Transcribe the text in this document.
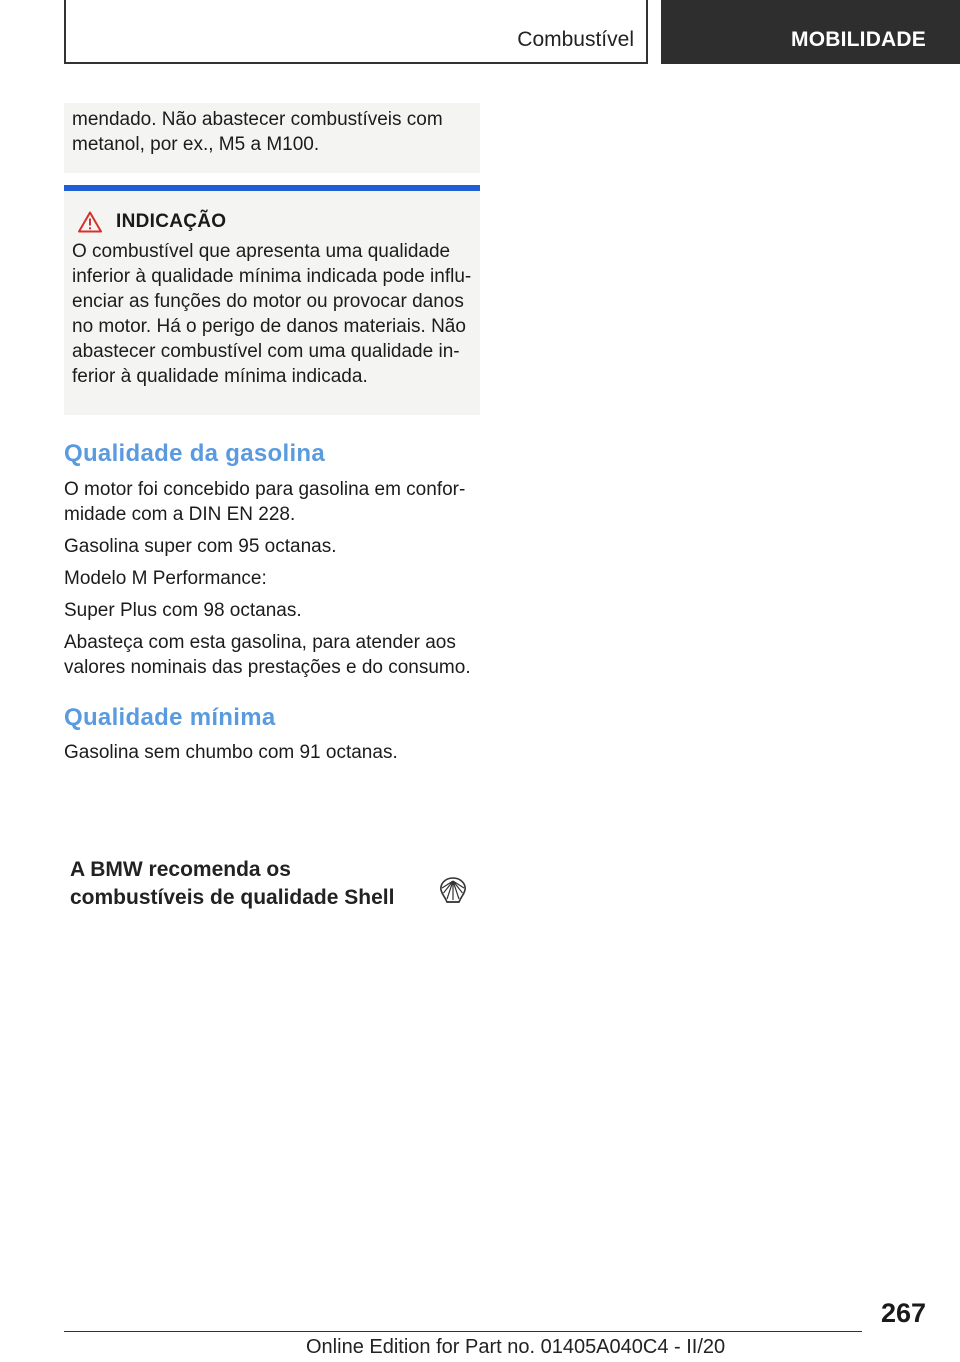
Combustível	MOBILIDADE

mendado. Não abastecer combustíveis com

metanol, por ex., M5 a M100.

INDICAÇÃO

O combustível que apresenta uma qualidade

inferior à qualidade mínima indicada pode influ-

enciar as funções do motor ou provocar danos

no motor. Há o perigo de danos materiais. Não

abastecer combustível com uma qualidade in-

ferior à qualidade mínima indicada.

Qualidade da gasolina

O motor foi concebido para gasolina em confor-

midade com a DIN EN 228.

Gasolina super com 95 octanas.

Modelo M Performance:

Super Plus com 98 octanas.

Abasteça com esta gasolina, para atender aos

valores nominais das prestações e do consumo.

Qualidade mínima

Gasolina sem chumbo com 91 octanas.

A BMW recomenda os

combustíveis de qualidade Shell

267
Online Edition for Part no. 01405A040C4 - II/20
